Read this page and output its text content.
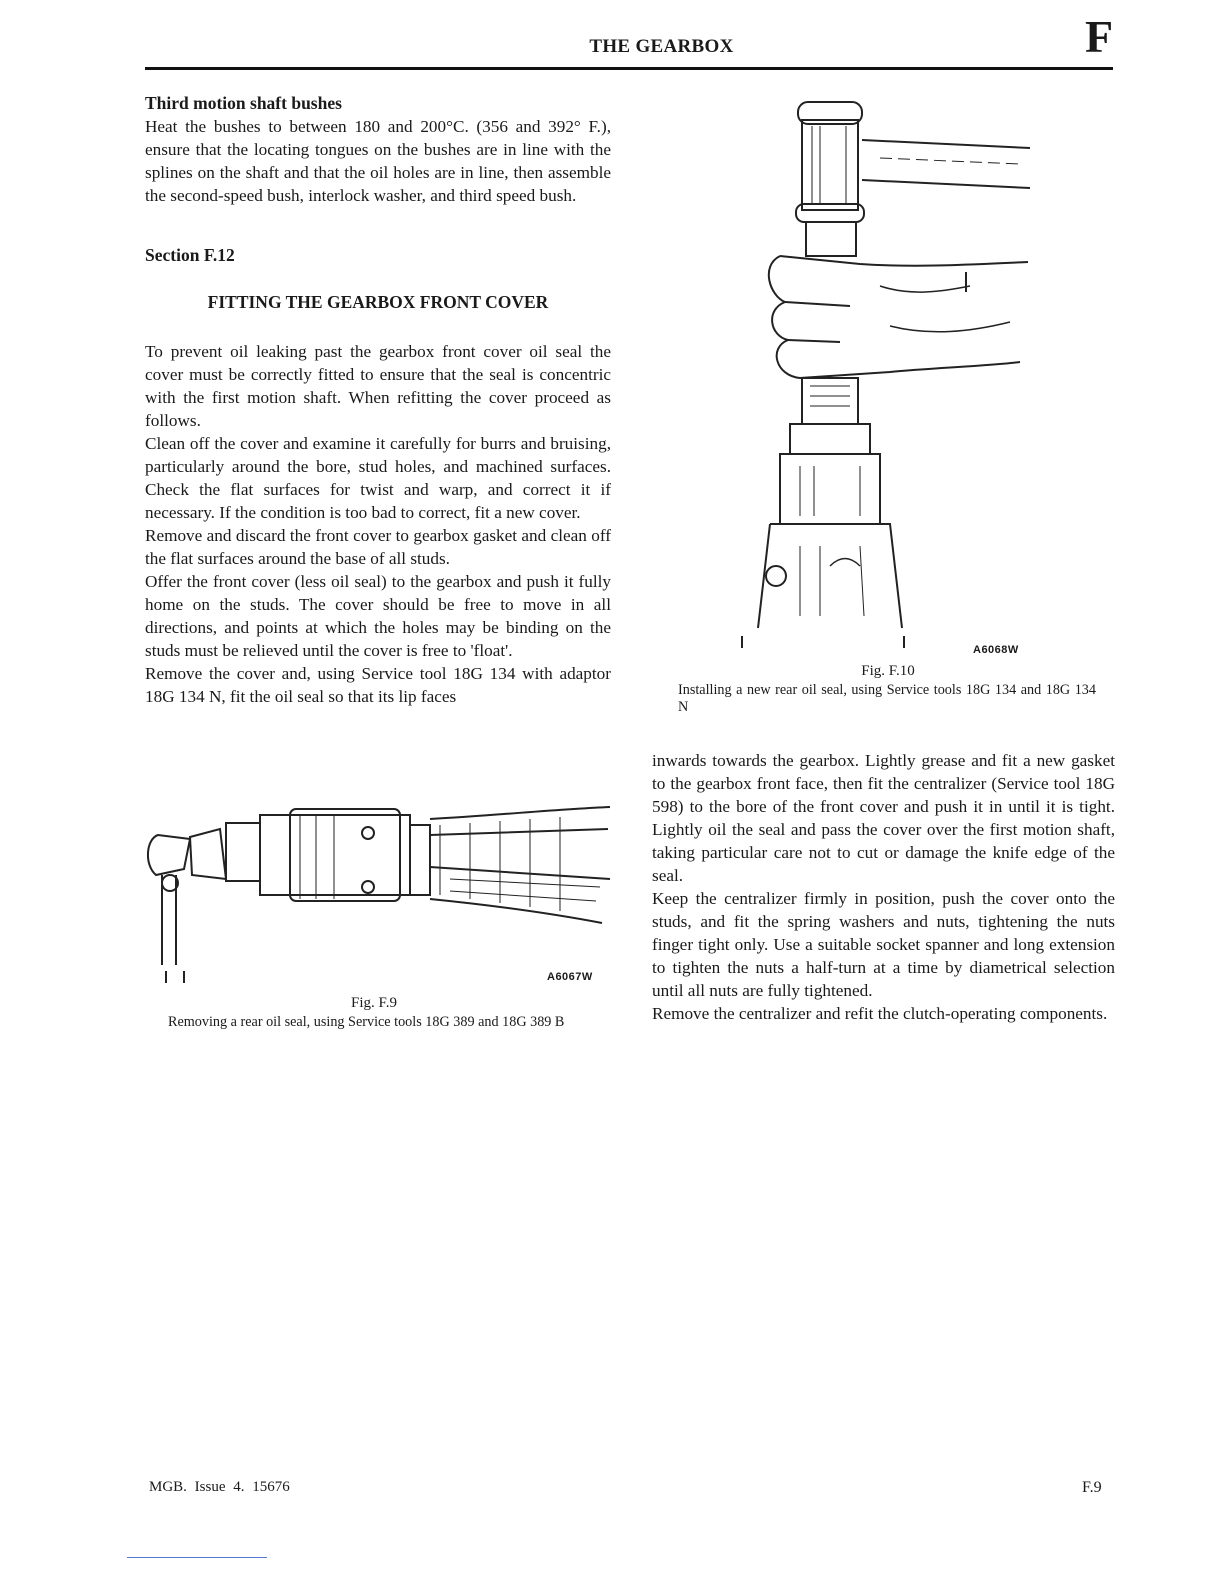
THE GEARBOX	F

Third motion shaft bushes

Heat the bushes to between 180 and 200°C. (356 and 392° F.), ensure that the locating tongues on the bushes are in line with the splines on the shaft and that the oil holes are in line, then assemble the second-speed bush, interlock washer, and third speed bush.

Section F.12

FITTING THE GEARBOX FRONT COVER

To prevent oil leaking past the gearbox front cover oil seal the cover must be correctly fitted to ensure that the seal is concentric with the first motion shaft. When refitting the cover proceed as follows.

Clean off the cover and examine it carefully for burrs and bruising, particularly around the bore, stud holes, and machined surfaces. Check the flat surfaces for twist and warp, and correct it if necessary. If the condition is too bad to correct, fit a new cover.

Remove and discard the front cover to gearbox gasket and clean off the flat surfaces around the base of all studs.

Offer the front cover (less oil seal) to the gearbox and push it fully home on the studs. The cover should be free to move in all directions, and points at which the holes may be binding on the studs must be relieved until the cover is free to 'float'.

Remove the cover and, using Service tool 18G 134 with adaptor 18G 134 N, fit the oil seal so that its lip faces

A6068W
Fig. F.10
Installing a new rear oil seal, using Service tools 18G 134 and 18G 134 N

inwards towards the gearbox. Lightly grease and fit a new gasket to the gearbox front face, then fit the centralizer (Service tool 18G 598) to the bore of the front cover and push it in until it is tight. Lightly oil the seal and pass the cover over the first motion shaft, taking particular care not to cut or damage the knife edge of the seal.

Keep the centralizer firmly in position, push the cover onto the studs, and fit the spring washers and nuts, tightening the nuts finger tight only. Use a suitable socket spanner and long extension to tighten the nuts a half-turn at a time by diametrical selection until all nuts are fully tightened.

Remove the centralizer and refit the clutch-operating components.

A6067W
Fig. F.9
Removing a rear oil seal, using Service tools 18G 389 and 18G 389 B
MGB. Issue 4. 15676	F.9
